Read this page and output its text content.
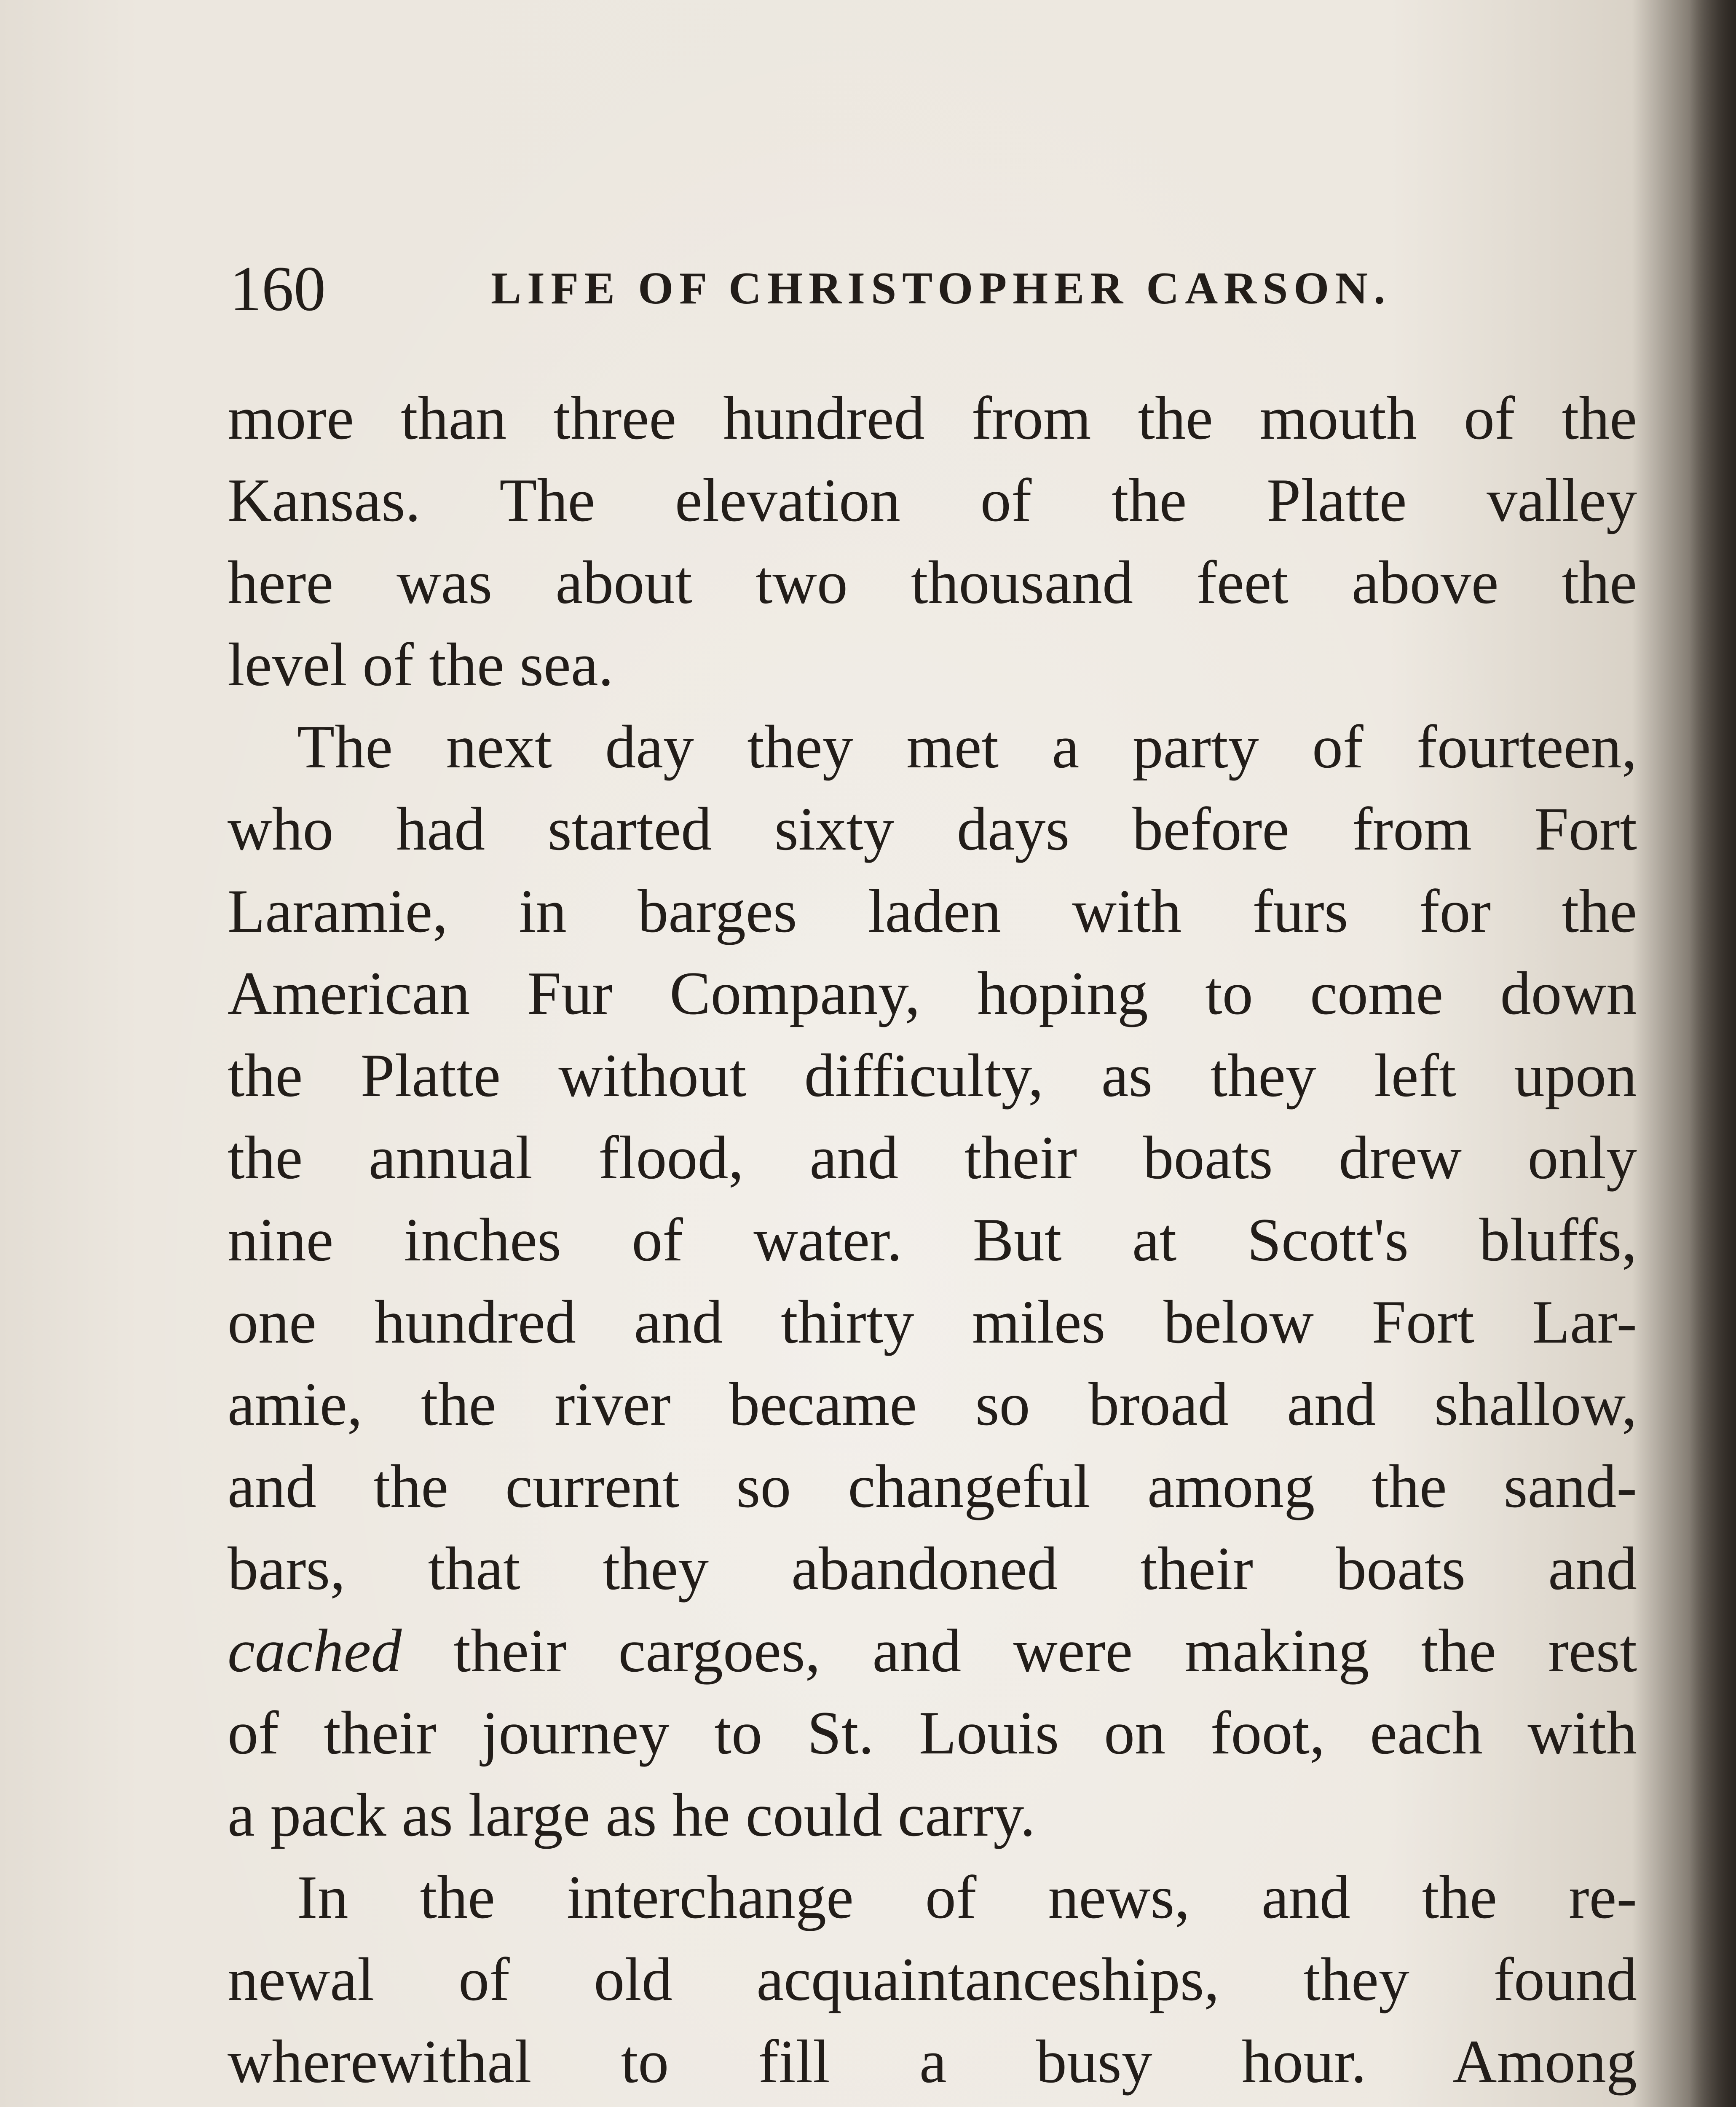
160	LIFE OF CHRISTOPHER CARSON.
more than three hundred from the mouth of the
Kansas. The elevation of the Platte valley
here was about two thousand feet above the
level of the sea.
The next day they met a party of fourteen,
who had started sixty days before from Fort
Laramie, in barges laden with furs for the
American Fur Company, hoping to come down
the Platte without difficulty, as they left upon
the annual flood, and their boats drew only
nine inches of water. But at Scott's bluffs,
one hundred and thirty miles below Fort Lar-
amie, the river became so broad and shallow,
and the current so changeful among the sand-
bars, that they abandoned their boats and
cached their cargoes, and were making the rest
of their journey to St. Louis on foot, each with
a pack as large as he could carry.
In the interchange of news, and the re-
newal of old acquaintanceships, they found
wherewithal to fill a busy hour. Among
